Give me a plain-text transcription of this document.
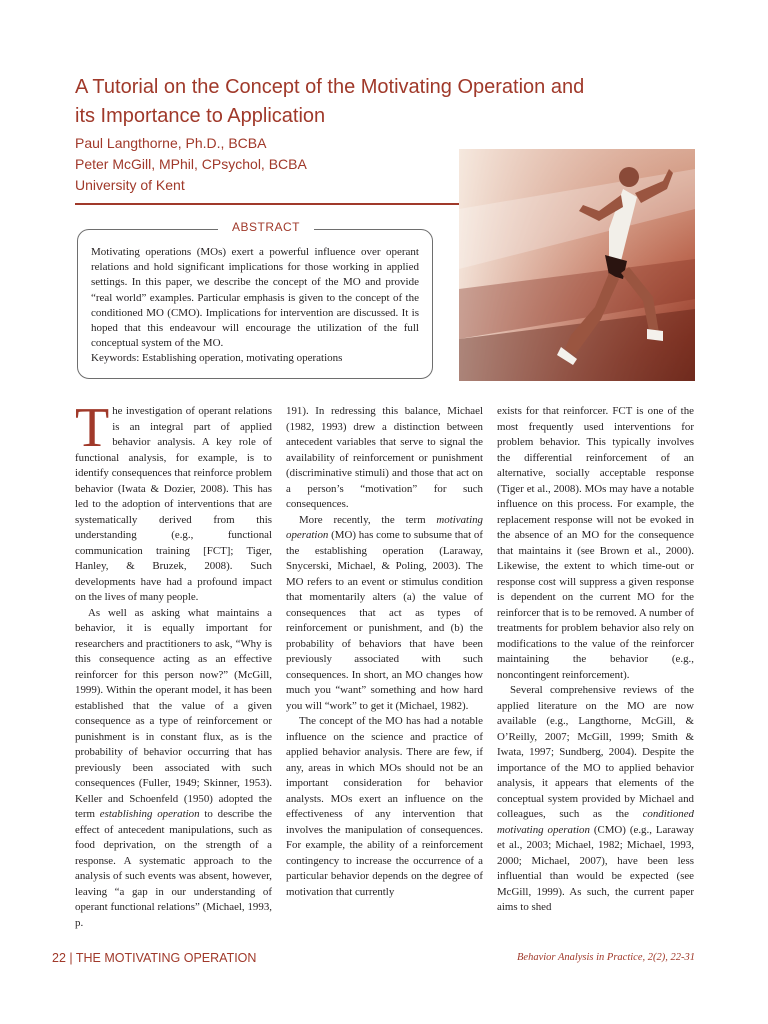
A Tutorial on the Concept of the Motivating Operation and its Importance to Application
Paul Langthorne, Ph.D., BCBA
Peter McGill, MPhil, CPsychol, BCBA
University of Kent
ABSTRACT
Motivating operations (MOs) exert a powerful influence over operant relations and hold significant implications for those working in applied settings. In this paper, we describe the concept of the MO and provide “real world” examples. Particular emphasis is given to the concept of the conditioned MO (CMO). Implications for intervention are discussed. It is hoped that this endeavour will encourage the utilization of the full conceptual system of the MO.
Keywords: Establishing operation, motivating operations

The investigation of operant relations is an integral part of applied behavior analysis. A key role of functional analysis, for example, is to identify consequences that reinforce problem behavior (Iwata & Dozier, 2008). This has led to the adoption of interventions that are systematically derived from this understanding (e.g., functional communication training [FCT]; Tiger, Hanley, & Bruzek, 2008). Such developments have had a profound impact on the lives of many people.

As well as asking what maintains a behavior, it is equally important for researchers and practitioners to ask, “Why is this consequence acting as an effective reinforcer for this person now?” (McGill, 1999). Within the operant model, it has been established that the value of a given consequence as a type of reinforcement or punishment is in constant flux, as is the probability of behavior occurring that has previously been associated with such consequences (Fuller, 1949; Skinner, 1953). Keller and Schoenfeld (1950) adopted the term establishing operation to describe the effect of antecedent manipulations, such as food deprivation, on the strength of a response. A systematic approach to the analysis of such events was absent, however, leaving “a gap in our understanding of operant functional relations” (Michael, 1993, p.

191). In redressing this balance, Michael (1982, 1993) drew a distinction between antecedent variables that serve to signal the availability of reinforcement or punishment (discriminative stimuli) and those that act on a person’s “motivation” for such consequences.

More recently, the term motivating operation (MO) has come to subsume that of the establishing operation (Laraway, Snycerski, Michael, & Poling, 2003). The MO refers to an event or stimulus condition that momentarily alters (a) the value of consequences that act as types of reinforcement or punishment, and (b) the probability of behaviors that have been previously associated with such consequences. In short, an MO changes how much you “want” something and how hard you will “work” to get it (Michael, 1982).

The concept of the MO has had a notable influence on the science and practice of applied behavior analysis. There are few, if any, areas in which MOs should not be an important consideration for behavior analysts. MOs exert an influence on the effectiveness of any intervention that involves the manipulation of consequences. For example, the ability of a reinforcement contingency to increase the occurrence of a particular behavior depends on the degree of motivation that currently

exists for that reinforcer. FCT is one of the most frequently used interventions for problem behavior. This typically involves the differential reinforcement of an alternative, socially acceptable response (Tiger et al., 2008). MOs may have a notable influence on this process. For example, the replacement response will not be evoked in the absence of an MO for the consequence that maintains it (see Brown et al., 2000). Likewise, the extent to which time-out or response cost will suppress a given response is dependent on the current MO for the reinforcer that is to be removed. A number of treatments for problem behavior also rely on modifications to the value of the reinforcer maintaining the behavior (e.g., noncontingent reinforcement).

Several comprehensive reviews of the applied literature on the MO are now available (e.g., Langthorne, McGill, & O’Reilly, 2007; McGill, 1999; Smith & Iwata, 1997; Sundberg, 2004). Despite the importance of the MO to applied behavior analysis, it appears that elements of the conceptual system provided by Michael and colleagues, such as the conditioned motivating operation (CMO) (e.g., Laraway et al., 2003; Michael, 1982; Michael, 1993, 2000; Michael, 2007), have been less influential than would be expected (see McGill, 1999). As such, the current paper aims to shed

22 | THE MOTIVATING OPERATION	Behavior Analysis in Practice, 2(2), 22-31
